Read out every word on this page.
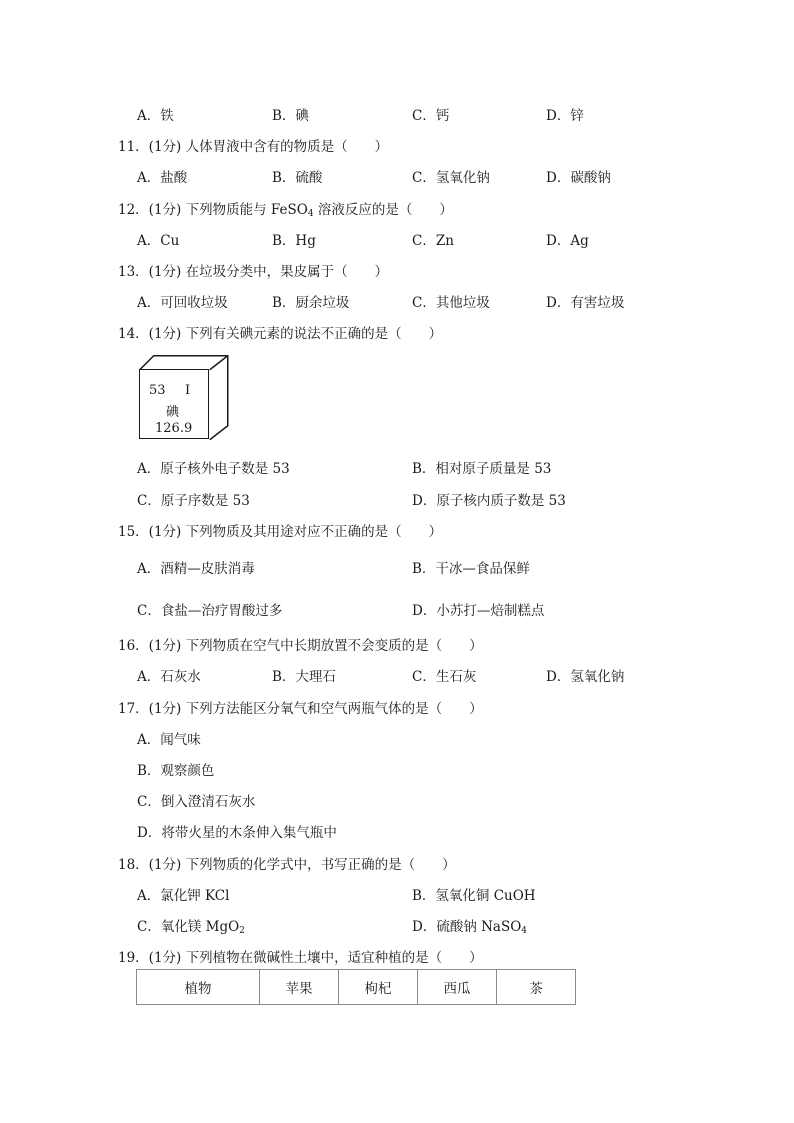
A．铁	B．碘	C．钙	D．锌
11．(1分) 人体胃液中含有的物质是（　　）
A．盐酸	B．硫酸	C．氢氧化钠	D．碳酸钠
12．(1分) 下列物质能与 FeSO$_4$ 溶液反应的是（　　）
A．Cu	B．Hg	C．Zn	D．Ag
13．(1分) 在垃圾分类中，果皮属于（　　）
A．可回收垃圾	B．厨余垃圾	C．其他垃圾	D．有害垃圾
14．(1分) 下列有关碘元素的说法不正确的是（　　）
53 I
碘
126.9
A．原子核外电子数是 53	B．相对原子质量是 53
C．原子序数是 53	D．原子核内质子数是 53
15．(1分) 下列物质及其用途对应不正确的是（　　）
A．酒精—皮肤消毒	B．干冰—食品保鲜
C．食盐—治疗胃酸过多	D．小苏打—焙制糕点
16．(1分) 下列物质在空气中长期放置不会变质的是（　　）
A．石灰水	B．大理石	C．生石灰	D．氢氧化钠
17．(1分) 下列方法能区分氧气和空气两瓶气体的是（　　）
A．闻气味
B．观察颜色
C．倒入澄清石灰水
D．将带火星的木条伸入集气瓶中
18．(1分) 下列物质的化学式中，书写正确的是（　　）
A．氯化钾 KCl	B．氢氧化铜 CuOH
C．氧化镁 MgO$_2$	D．硫酸钠 NaSO$_4$
19．(1分) 下列植物在微碱性土壤中，适宜种植的是（　　）
植物	苹果	枸杞	西瓜	茶
